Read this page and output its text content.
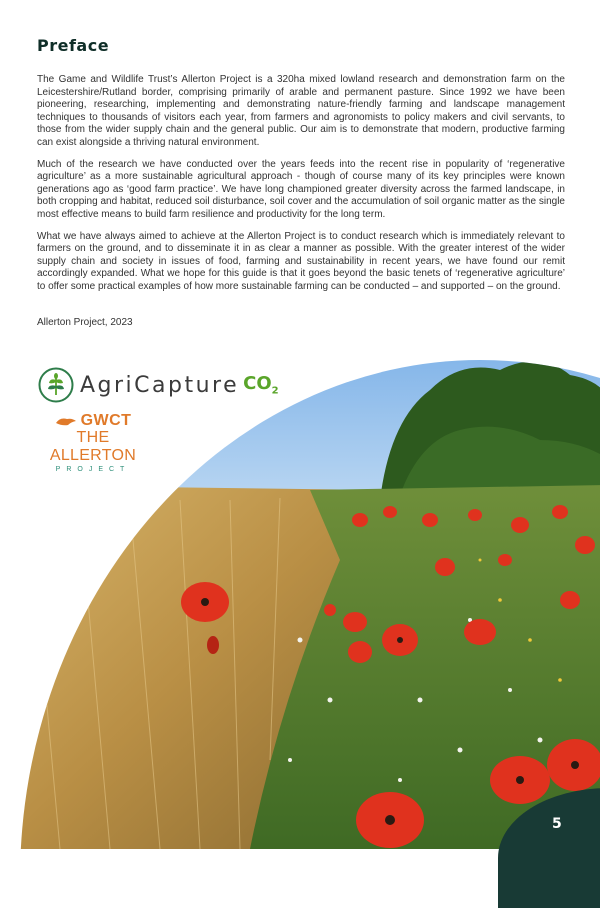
Preface

The Game and Wildlife Trust’s Allerton Project is a 320ha mixed lowland research and demonstration farm on the Leicestershire/Rutland border, comprising primarily of arable and permanent pasture. Since 1992 we have been pioneering, researching, implementing and demonstrating nature-friendly farming and landscape management techniques to thousands of visitors each year, from farmers and agronomists to policy makers and civil servants, to those from the wider supply chain and the general public. Our aim is to demonstrate that modern, productive farming can exist alongside a thriving natural environment.

Much of the research we have conducted over the years feeds into the recent rise in popularity of ‘regenerative agriculture’ as a more sustainable agricultural approach - though of course many of its key principles were known generations ago as ‘good farm practice’. We have long championed greater diversity across the farmed landscape, in both cropping and habitat, reduced soil disturbance, soil cover and the accumulation of soil organic matter as the single most effective means to build farm resilience and productivity for the long term.

What we have always aimed to achieve at the Allerton Project is to conduct research which is immediately relevant to farmers on the ground, and to disseminate it in as clear a manner as possible. With the greater interest of the wider supply chain and society in issues of food, farming and sustainability in recent years, we have found our remit accordingly expanded. What we hope for this guide is that it goes beyond the basic tenets of ‘regenerative agriculture’ to offer some practical examples of how more sustainable farming can be conducted – and supported – on the ground.

Allerton Project, 2023

AgriCapture $CO_2$
GWCT
THE ALLERTON
PROJECT
5
